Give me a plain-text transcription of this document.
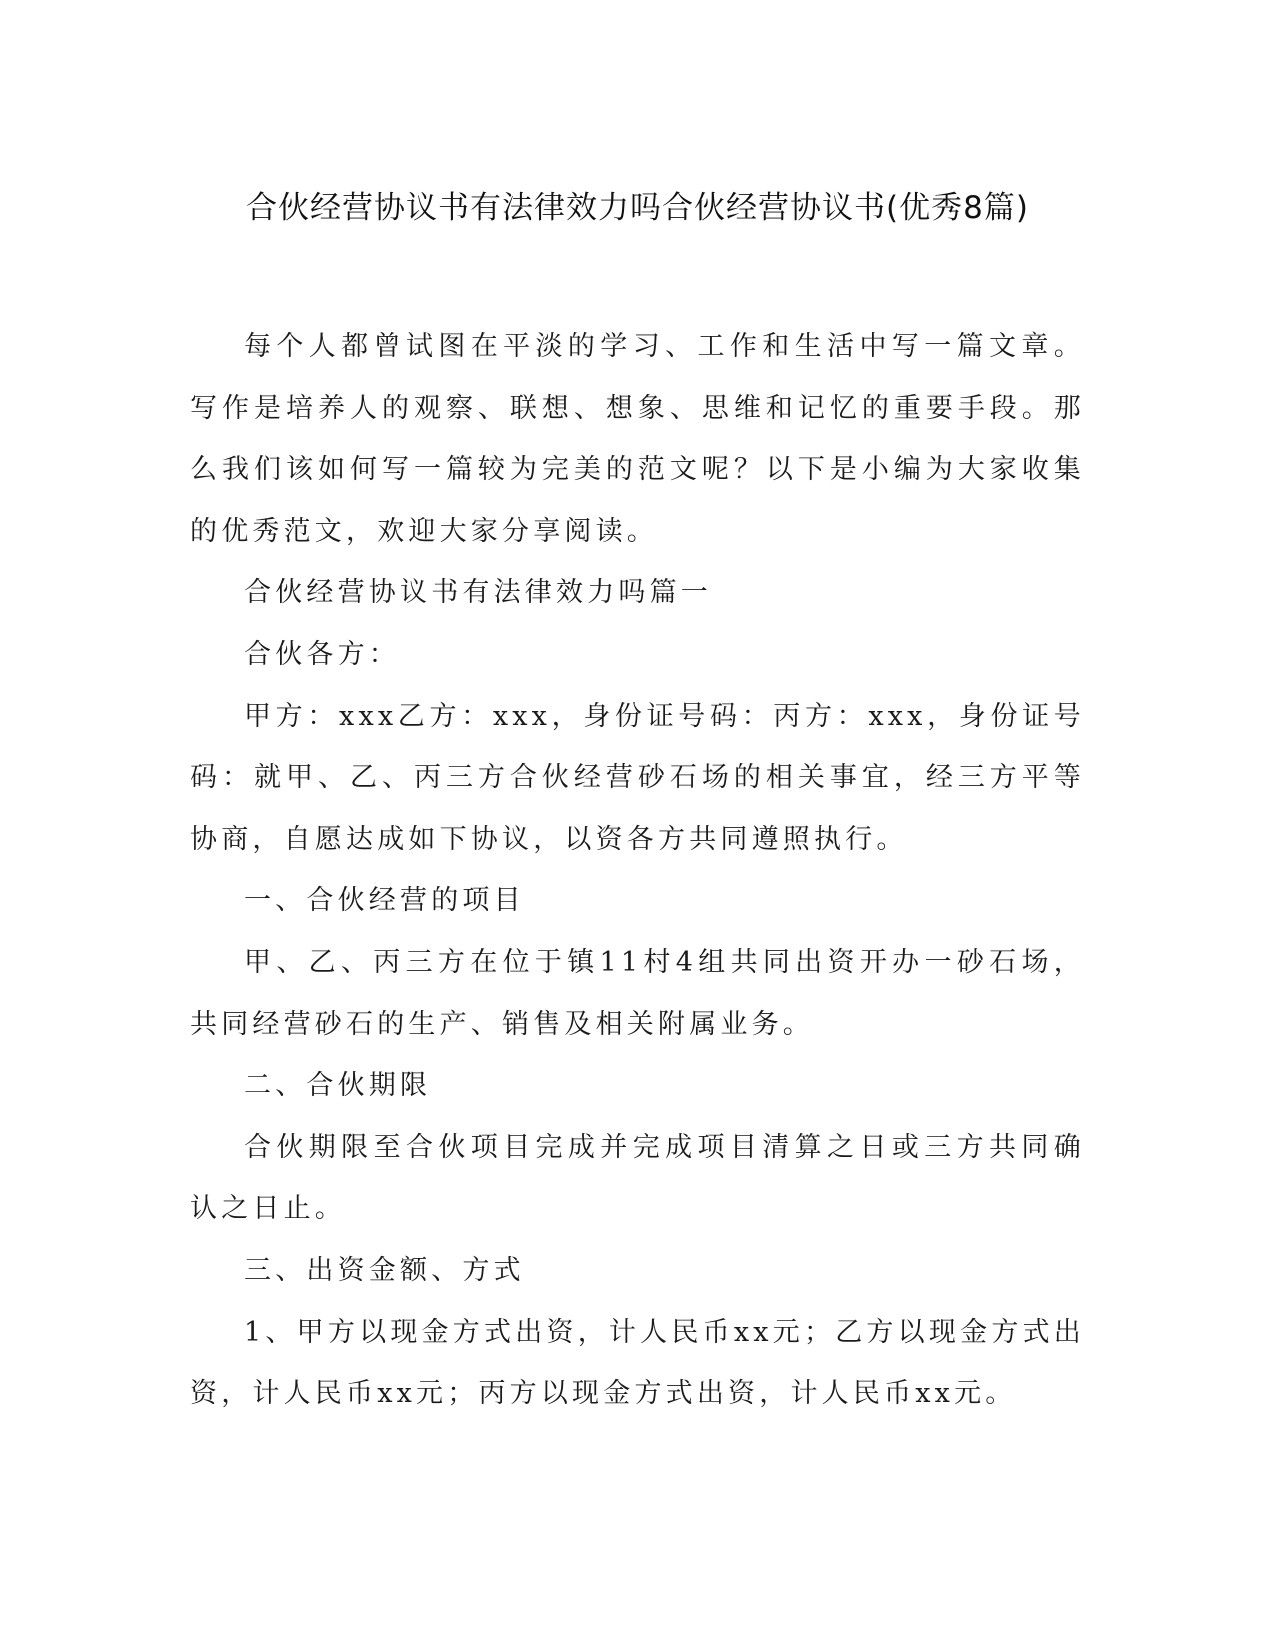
合伙经营协议书有法律效力吗合伙经营协议书(优秀8篇)

每个人都曾试图在平淡的学习、工作和生活中写一篇文章。写作是培养人的观察、联想、想象、思维和记忆的重要手段。那么我们该如何写一篇较为完美的范文呢？以下是小编为大家收集的优秀范文，欢迎大家分享阅读。

合伙经营协议书有法律效力吗篇一

合伙各方：

甲方：xxx乙方：xxx，身份证号码：丙方：xxx，身份证号码：就甲、乙、丙三方合伙经营砂石场的相关事宜，经三方平等协商，自愿达成如下协议，以资各方共同遵照执行。

一、合伙经营的项目

甲、乙、丙三方在位于镇11村4组共同出资开办一砂石场，共同经营砂石的生产、销售及相关附属业务。

二、合伙期限

合伙期限至合伙项目完成并完成项目清算之日或三方共同确认之日止。

三、出资金额、方式

1、甲方以现金方式出资，计人民币xx元；乙方以现金方式出资，计人民币xx元；丙方以现金方式出资，计人民币xx元。
